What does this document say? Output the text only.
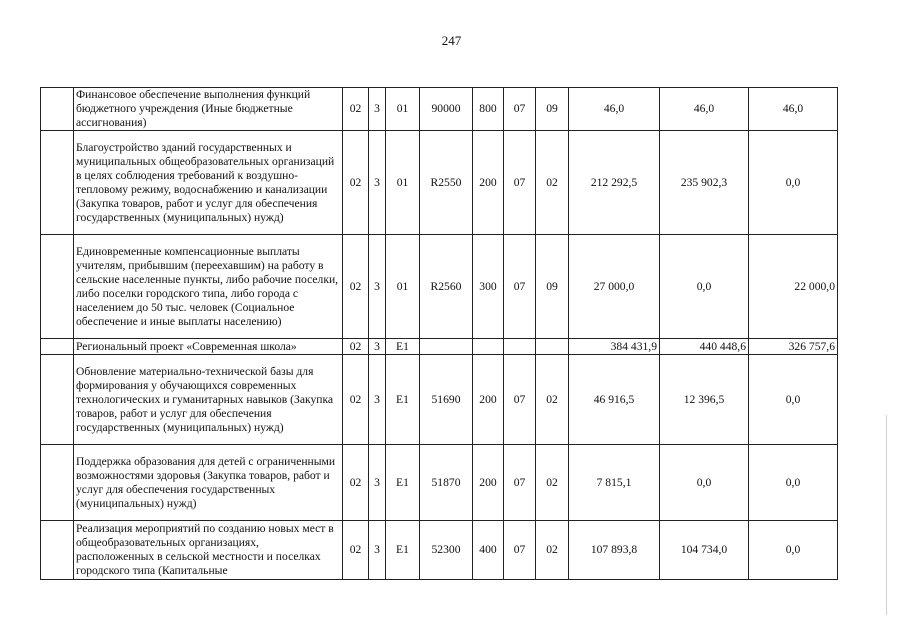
247
	Финансовое обеспечение выполнения функций бюджетного учреждения (Иные бюджетные ассигнования)	02	3	01	90000	800	07	09	46,0	46,0	46,0
	Благоустройство зданий государственных и муниципальных общеобразовательных организаций в целях соблюдения требований к воздушно-тепловому режиму, водоснабжению и канализации (Закупка товаров, работ и услуг для обеспечения государственных (муниципальных) нужд)	02	3	01	R2550	200	07	02	212 292,5	235 902,3	0,0
	Единовременные компенсационные выплаты учителям, прибывшим (переехавшим) на работу в сельские населенные пункты, либо рабочие поселки, либо поселки городского типа, либо города с населением до 50 тыс. человек (Социальное обеспечение и иные выплаты населению)	02	3	01	R2560	300	07	09	27 000,0	0,0	22 000,0
	Региональный проект «Современная школа»	02	3	Е1					384 431,9	440 448,6	326 757,6
	Обновление материально-технической базы для формирования у обучающихся современных технологических и гуманитарных навыков (Закупка товаров, работ и услуг для обеспечения государственных (муниципальных) нужд)	02	3	Е1	51690	200	07	02	46 916,5	12 396,5	0,0
	Поддержка образования для детей с ограниченными возможностями здоровья (Закупка товаров, работ и услуг для обеспечения государственных (муниципальных) нужд)	02	3	Е1	51870	200	07	02	7 815,1	0,0	0,0
	Реализация мероприятий по созданию новых мест в общеобразовательных организациях, расположенных в сельской местности и поселках городского типа (Капитальные	02	3	Е1	52300	400	07	02	107 893,8	104 734,0	0,0
